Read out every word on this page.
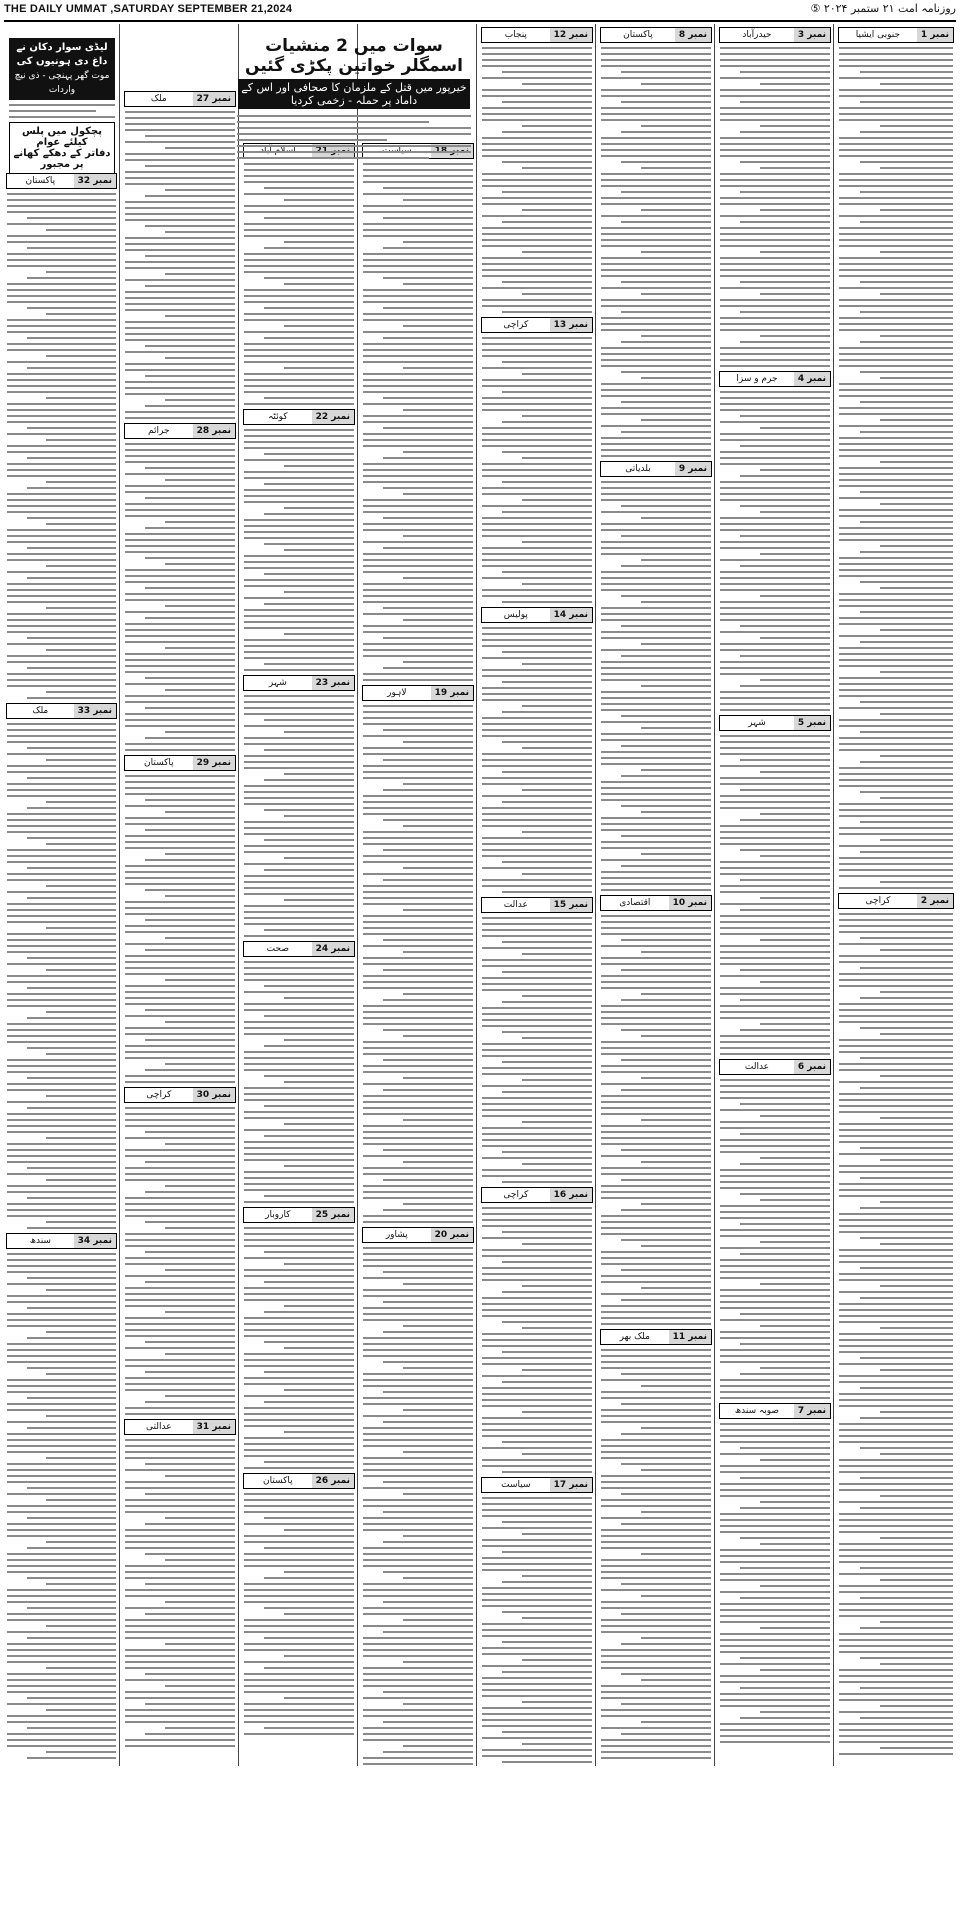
THE DAILY UMMAT ,SATURDAY SEPTEMBER 21,2024	روزنامہ امت ۲۱ ستمبر ۲۰۲۴ ⑤
نمبر 1
جنوبی ایشیا
نمبر 2
کراچی
نمبر 3
حیدرآباد
نمبر 4
جرم و سزا
نمبر 5
شہر
نمبر 6
عدالت
نمبر 7
صوبہ سندھ
نمبر 8
پاکستان
نمبر 9
بلدیاتی
نمبر 10
اقتصادی
نمبر 11
ملک بھر
نمبر 12
پنجاب
نمبر 13
کراچی
نمبر 14
پولیس
نمبر 15
عدالت
نمبر 16
کراچی
نمبر 17
سیاست
نمبر 19
لاہور
نمبر 20
پشاور
نمبر 22
کوئٹہ
نمبر 23
شہر
نمبر 24
صحت
نمبر 25
کاروبار
نمبر 26
پاکستان
نمبر 27
ملک
نمبر 28
جرائم
نمبر 29
پاکستان
نمبر 30
کراچی
نمبر 31
عدالتی
نمبر 32
پاکستان
نمبر 33
ملک
نمبر 34
سندھ
سوات میں 2 منشیات اسمگلر خواتین پکڑی گئیں
خیرپور میں قتل کے ملزمان کا صحافی اور اس کے داماد پر حملہ - زخمی کردیا
لیڈی سوار دکان نے داغ دی ہونیوں کی
موت گھر پہنچی - ذی نیچ واردات
پچکول میں پلس کیلئے عوام
دفاتر کے دھکے کھانے پر مجبور
